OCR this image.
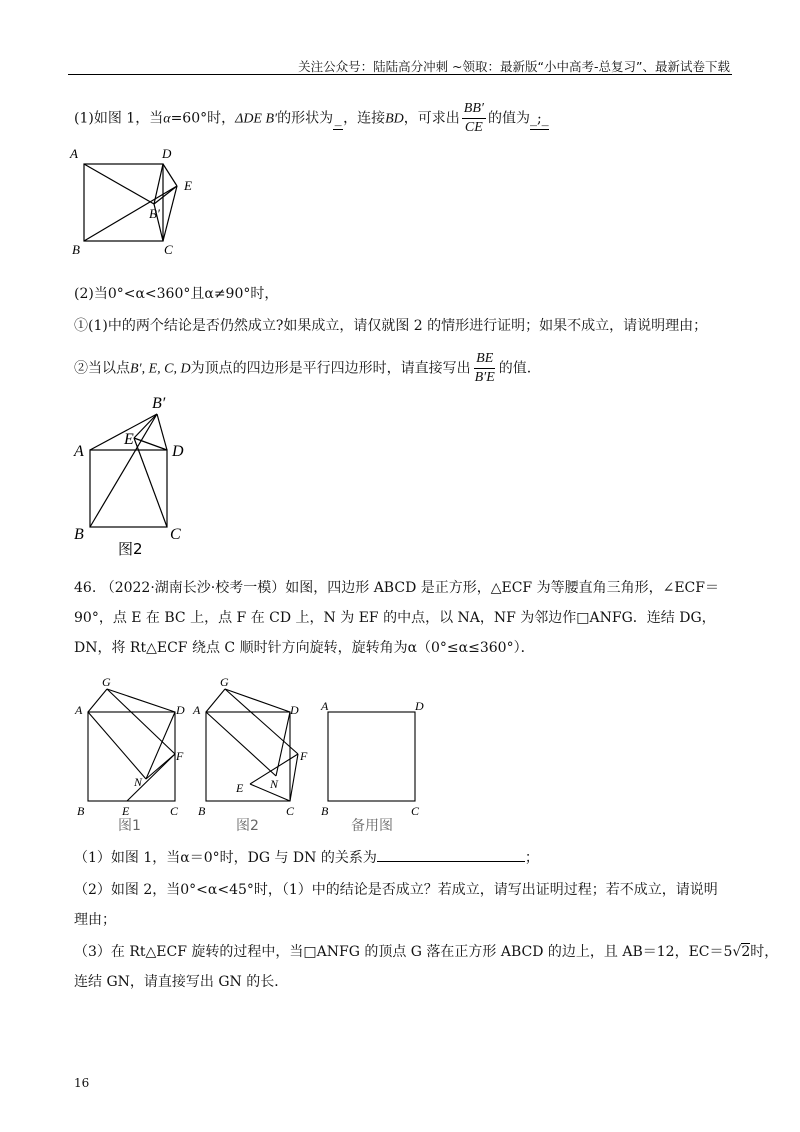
关注公众号：陆陆高分冲刺 ~领取：最新版“小中高考-总复习”、最新试卷下载
(1)如图 1，当α=60°时，ΔDE B′的形状为 _ ，连接BD，可求出 $\frac{BB'}{CE}$ 的值为_;_
A	D
E
B′
B	C
(2)当0°<α<360°且α≠90°时，
①(1)中的两个结论是否仍然成立?如果成立，请仅就图 2 的情形进行证明；如果不成立，请说明理由；
②当以点B′, E, C, D为顶点的四边形是平行四边形时，请直接写出 $\frac{BE}{B'E}$ 的值.
B′
A
E
D
B	C
图2
46. （2022·湖南长沙·校考一模）如图，四边形 ABCD 是正方形，△ECF 为等腰直角三角形，∠ECF＝
90°，点 E 在 BC 上，点 F 在 CD 上，N 为 EF 的中点，以 NA，NF 为邻边作□ANFG．连结 DG，
DN，将 Rt△ECF 绕点 C 顺时针方向旋转，旋转角为α（0°≤α≤360°）．
G
A	D
F
N
B	E	C
图1
G
A	D
F
N
E
B	C
图2
A	D
B	C
备用图
（1）如图 1，当α＝0°时，DG 与 DN 的关系为	；
（2）如图 2，当0°<α<45°时，（1）中的结论是否成立？若成立，请写出证明过程；若不成立，请说明
理由；
（3）在 Rt△ECF 旋转的过程中，当□ANFG 的顶点 G 落在正方形 ABCD 的边上，且 AB＝12，EC＝5√2时，
连结 GN，请直接写出 GN 的长．
16
